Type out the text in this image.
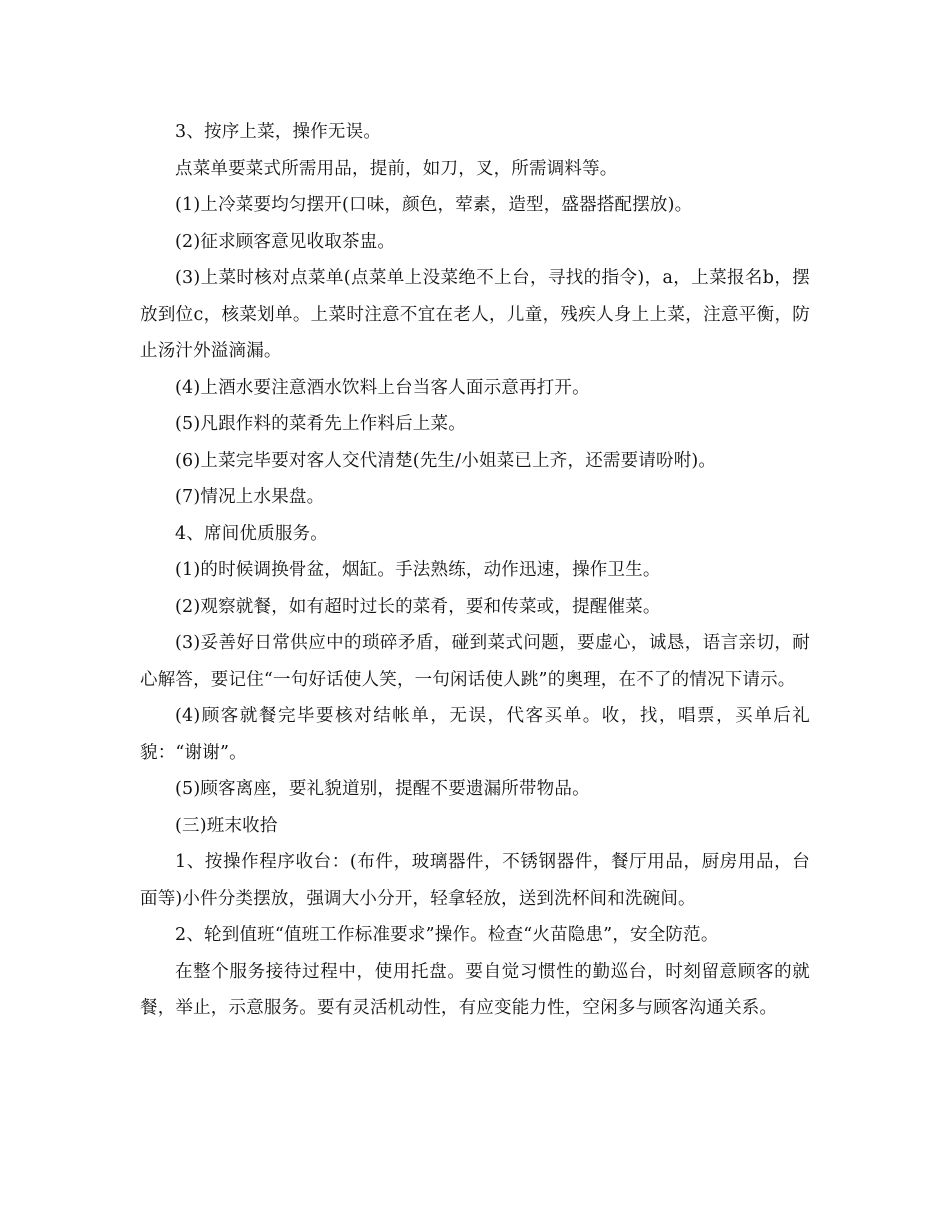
3、按序上菜，操作无误。

点菜单要菜式所需用品，提前，如刀，叉，所需调料等。

(1)上冷菜要均匀摆开(口味，颜色，荤素，造型，盛器搭配摆放)。

(2)征求顾客意见收取茶盅。

(3)上菜时核对点菜单(点菜单上没菜绝不上台，寻找的指令)，a，上菜报名b，摆放到位c，核菜划单。上菜时注意不宜在老人，儿童，残疾人身上上菜，注意平衡，防止汤汁外溢滴漏。

(4)上酒水要注意酒水饮料上台当客人面示意再打开。

(5)凡跟作料的菜肴先上作料后上菜。

(6)上菜完毕要对客人交代清楚(先生/小姐菜已上齐，还需要请吩咐)。

(7)情况上水果盘。

4、席间优质服务。

(1)的时候调换骨盆，烟缸。手法熟练，动作迅速，操作卫生。

(2)观察就餐，如有超时过长的菜肴，要和传菜或，提醒催菜。

(3)妥善好日常供应中的琐碎矛盾，碰到菜式问题，要虚心，诚恳，语言亲切，耐心解答，要记住“一句好话使人笑，一句闲话使人跳”的奥理，在不了的情况下请示。

(4)顾客就餐完毕要核对结帐单，无误，代客买单。收，找，唱票，买单后礼貌：“谢谢”。

(5)顾客离座，要礼貌道别，提醒不要遗漏所带物品。

(三)班末收拾

1、按操作程序收台：(布件，玻璃器件，不锈钢器件，餐厅用品，厨房用品，台面等)小件分类摆放，强调大小分开，轻拿轻放，送到洗杯间和洗碗间。

2、轮到值班“值班工作标准要求”操作。检查“火苗隐患”，安全防范。

在整个服务接待过程中，使用托盘。要自觉习惯性的勤巡台，时刻留意顾客的就餐，举止，示意服务。要有灵活机动性，有应变能力性，空闲多与顾客沟通关系。
